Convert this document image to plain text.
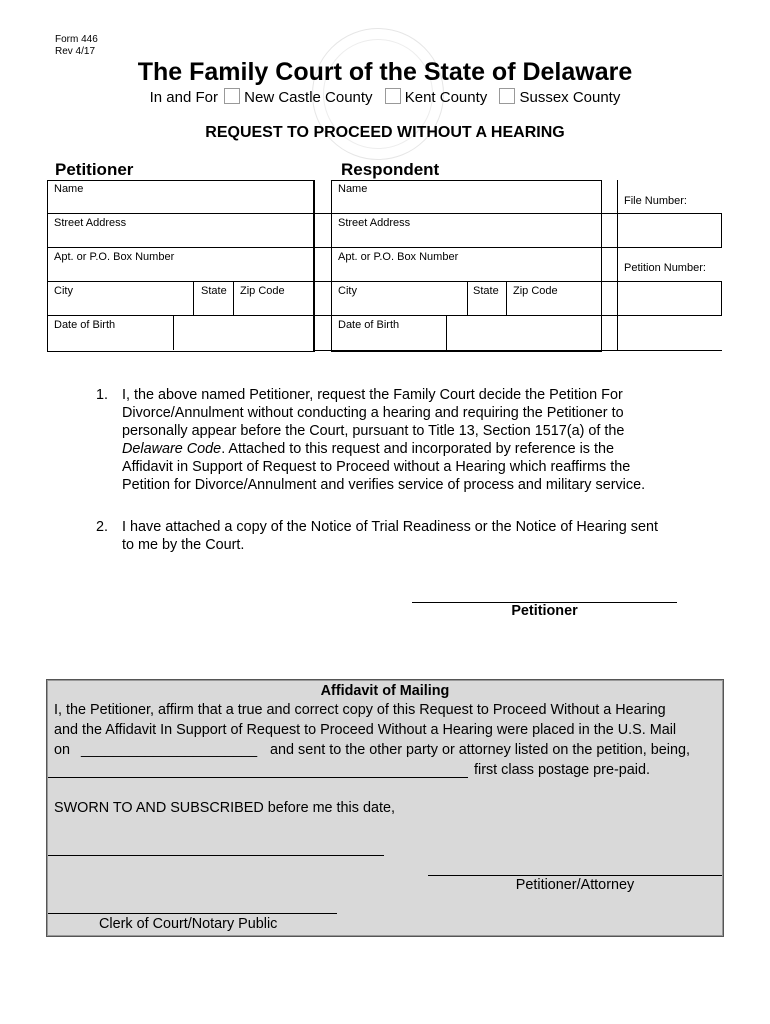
Form 446
Rev 4/17
The Family Court of the State of Delaware
In and For New Castle County Kent County Sussex County
REQUEST TO PROCEED WITHOUT A HEARING
Petitioner	Respondent
Name
Street Address
Apt. or P.O. Box Number
City	State Zip Code
Date of Birth
Name
Street Address
Apt. or P.O. Box Number
City	State Zip Code
Date of Birth
File Number:
Petition Number:
1. I, the above named Petitioner, request the Family Court decide the Petition For Divorce/Annulment without conducting a hearing and requiring the Petitioner to personally appear before the Court, pursuant to Title 13, Section 1517(a) of the Delaware Code. Attached to this request and incorporated by reference is the Affidavit in Support of Request to Proceed without a Hearing which reaffirms the Petition for Divorce/Annulment and verifies service of process and military service.
2. I have attached a copy of the Notice of Trial Readiness or the Notice of Hearing sent to me by the Court.
Petitioner
Affidavit of Mailing
I, the Petitioner, affirm that a true and correct copy of this Request to Proceed Without a Hearing
and the Affidavit In Support of Request to Proceed Without a Hearing were placed in the U.S. Mail
on ______________________ and sent to the other party or attorney listed on the petition, being,
first class postage pre-paid.
SWORN TO AND SUBSCRIBED before me this date,
Petitioner/Attorney
Clerk of Court/Notary Public
